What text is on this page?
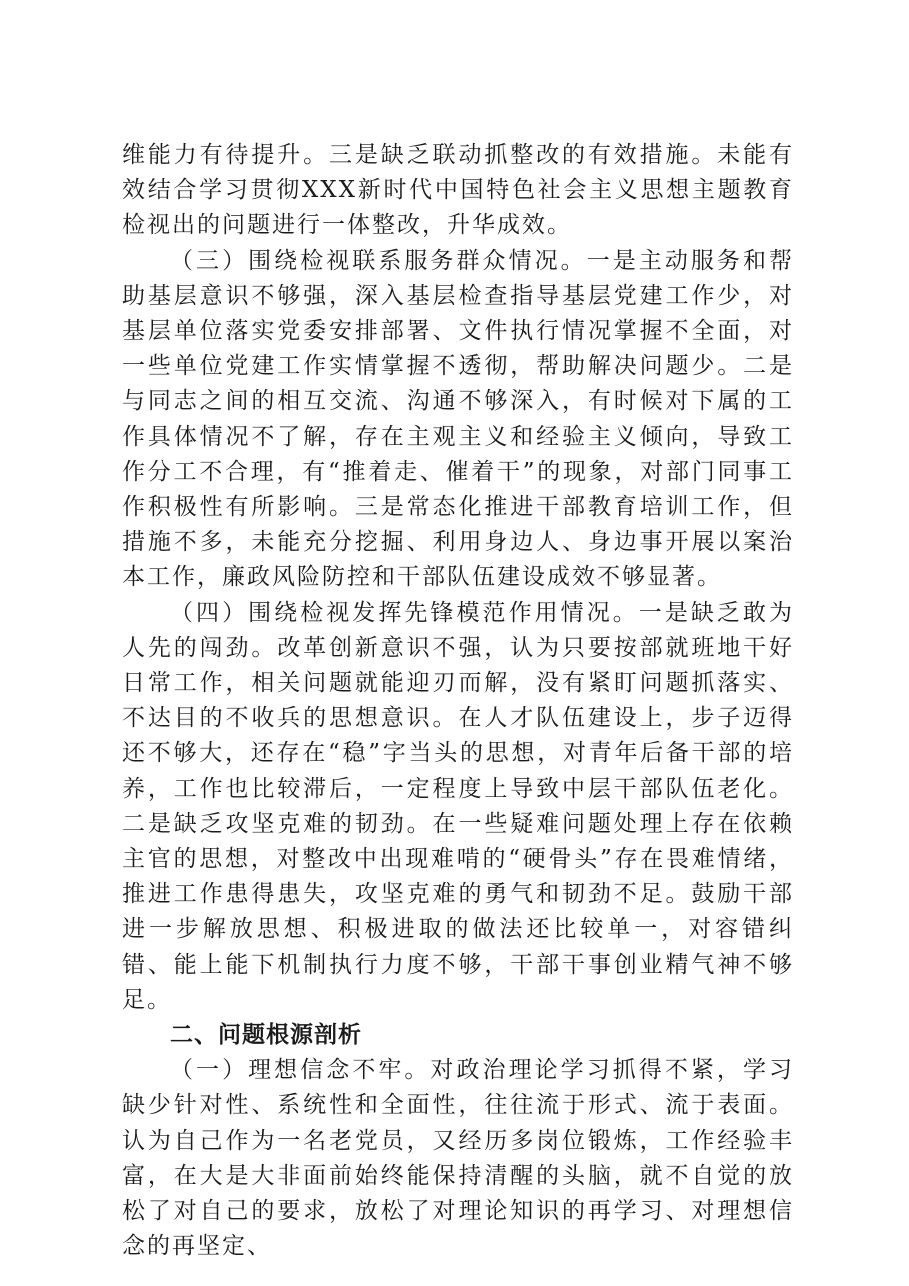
维能力有待提升。三是缺乏联动抓整改的有效措施。未能有效结合学习贯彻XXX新时代中国特色社会主义思想主题教育检视出的问题进行一体整改，升华成效。

（三）围绕检视联系服务群众情况。一是主动服务和帮助基层意识不够强，深入基层检查指导基层党建工作少，对基层单位落实党委安排部署、文件执行情况掌握不全面，对一些单位党建工作实情掌握不透彻，帮助解决问题少。二是与同志之间的相互交流、沟通不够深入，有时候对下属的工作具体情况不了解，存在主观主义和经验主义倾向，导致工作分工不合理，有“推着走、催着干”的现象，对部门同事工作积极性有所影响。三是常态化推进干部教育培训工作，但措施不多，未能充分挖掘、利用身边人、身边事开展以案治本工作，廉政风险防控和干部队伍建设成效不够显著。

（四）围绕检视发挥先锋模范作用情况。一是缺乏敢为人先的闯劲。改革创新意识不强，认为只要按部就班地干好日常工作，相关问题就能迎刃而解，没有紧盯问题抓落实、不达目的不收兵的思想意识。在人才队伍建设上，步子迈得还不够大，还存在“稳”字当头的思想，对青年后备干部的培养，工作也比较滞后，一定程度上导致中层干部队伍老化。二是缺乏攻坚克难的韧劲。在一些疑难问题处理上存在依赖主官的思想，对整改中出现难啃的“硬骨头”存在畏难情绪，推进工作患得患失，攻坚克难的勇气和韧劲不足。鼓励干部进一步解放思想、积极进取的做法还比较单一，对容错纠错、能上能下机制执行力度不够，干部干事创业精气神不够足。

二、问题根源剖析

（一）理想信念不牢。对政治理论学习抓得不紧，学习缺少针对性、系统性和全面性，往往流于形式、流于表面。认为自己作为一名老党员，又经历多岗位锻炼，工作经验丰富，在大是大非面前始终能保持清醒的头脑，就不自觉的放松了对自己的要求，放松了对理论知识的再学习、对理想信念的再坚定、
